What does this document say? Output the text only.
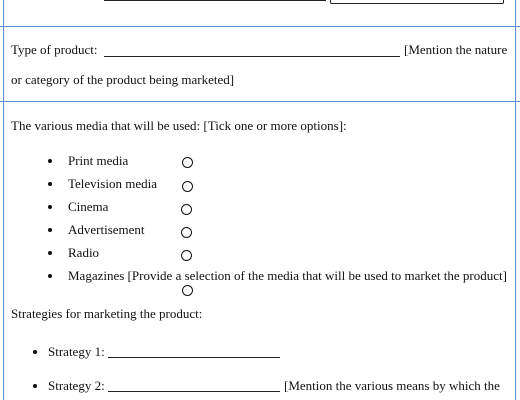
Type of product:	[Mention the nature
or category of the product being marketed]
The various media that will be used: [Tick one or more options]:
Print media
Television media
Cinema
Advertisement
Radio
Magazines [Provide a selection of the media that will be used to market the product]
Strategies for marketing the product:
Strategy 1:
Strategy 2:	[Mention the various means by which the
